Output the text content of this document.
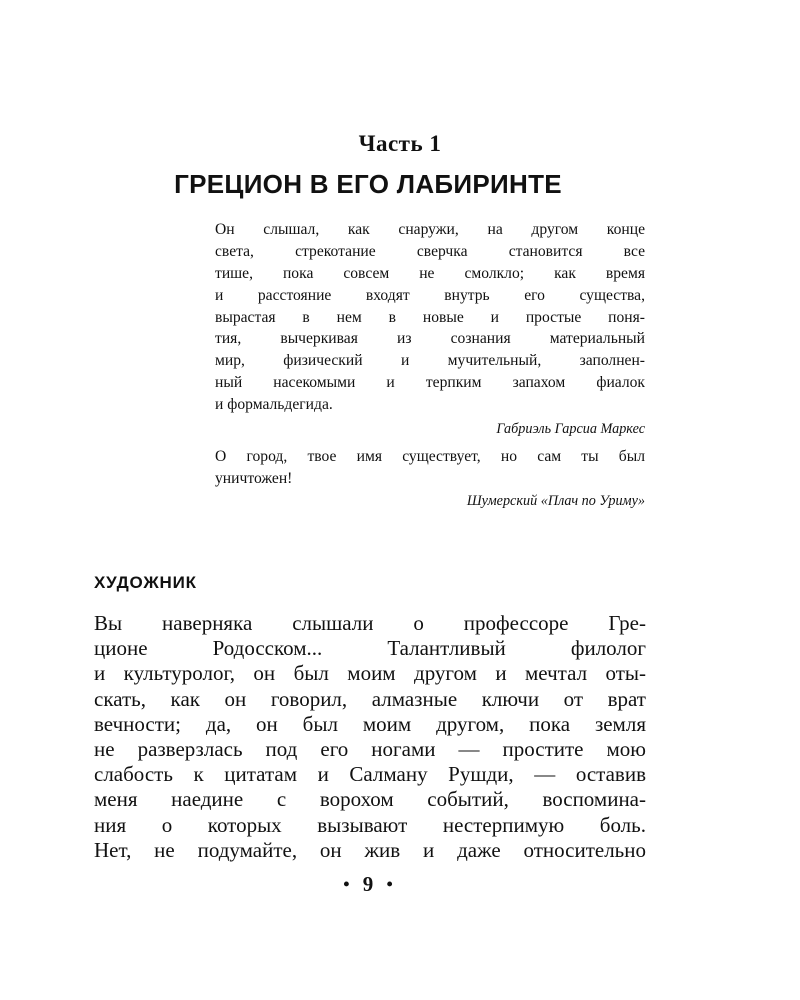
Часть 1
ГРЕЦИОН В ЕГО ЛАБИРИНТЕ
Он слышал, как снаружи, на другом конце
света, стрекотание сверчка становится все
тише, пока совсем не смолкло; как время
и расстояние входят внутрь его существа,
вырастая в нем в новые и простые поня-
тия, вычеркивая из сознания материальный
мир, физический и мучительный, заполнен-
ный насекомыми и терпким запахом фиалок
и формальдегида.
Габриэль Гарсиа Маркес
О город, твое имя существует, но сам ты был
уничтожен!
Шумерский «Плач по Уриму»
ХУДОЖНИК
Вы наверняка слышали о профессоре Гре-
ционе Родосском... Талантливый филолог
и культуролог, он был моим другом и мечтал оты-
скать, как он говорил, алмазные ключи от врат
вечности; да, он был моим другом, пока земля
не разверзлась под его ногами — простите мою
слабость к цитатам и Салману Рушди, — оставив
меня наедине с ворохом событий, воспомина-
ния о которых вызывают нестерпимую боль.
Нет, не подумайте, он жив и даже относительно
• 9 •
